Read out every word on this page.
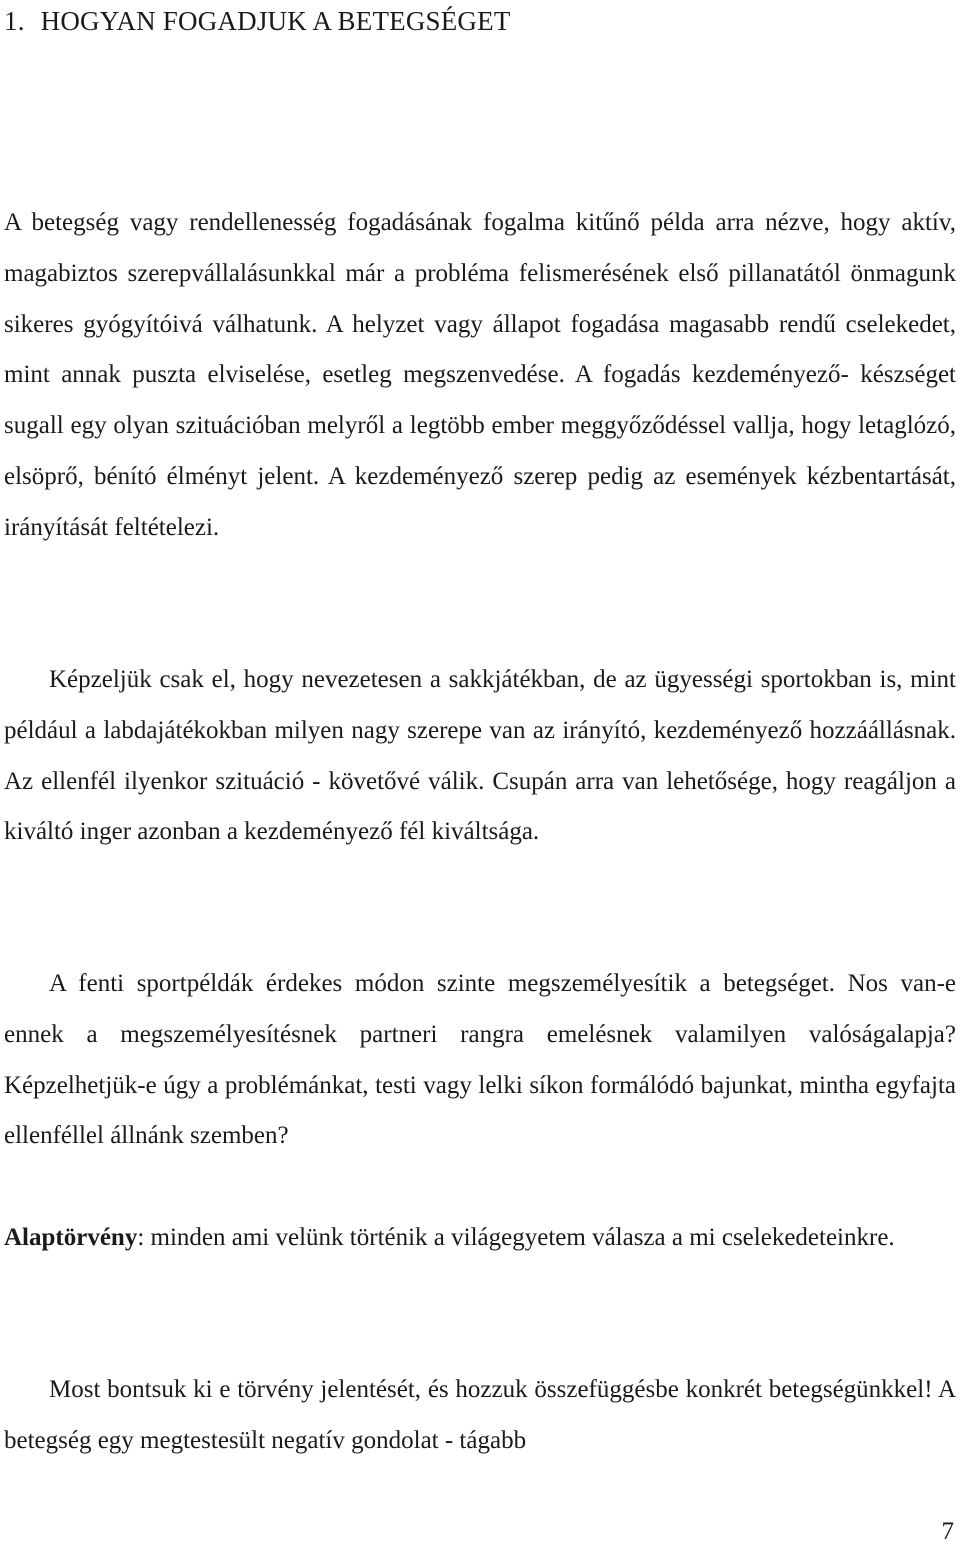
1. HOGYAN FOGADJUK A BETEGSÉGET

A betegség vagy rendellenesség fogadásának fogalma kitűnő példa arra nézve, hogy aktív, magabiztos szerepvállalásunkkal már a probléma felismerésének első pillanatától önmagunk sikeres gyógyítóivá válhatunk. A helyzet vagy állapot fogadása magasabb rendű cselekedet, mint annak puszta elviselése, esetleg megszenvedése. A fogadás kezdeményező- készséget sugall egy olyan szituációban melyről a legtöbb ember meggyőződéssel vallja, hogy letaglózó, elsöprő, bénító élményt jelent. A kezdeményező szerep pedig az események kézbentartását, irányítását feltételezi.

Képzeljük csak el, hogy nevezetesen a sakkjátékban, de az ügyességi sportokban is, mint például a labdajátékokban milyen nagy szerepe van az irányító, kezdeményező hozzáállásnak. Az ellenfél ilyenkor szituáció - követővé válik. Csupán arra van lehetősége, hogy reagáljon a kiváltó inger azonban a kezdeményező fél kiváltsága.

A fenti sportpéldák érdekes módon szinte megszemélyesítik a betegséget. Nos van-e ennek a megszemélyesítésnek partneri rangra emelésnek valamilyen valóságalapja? Képzelhetjük-e úgy a problémánkat, testi vagy lelki síkon formálódó bajunkat, mintha egyfajta ellenféllel állnánk szemben?

Alaptörvény: minden ami velünk történik a világegyetem válasza a mi cselekedeteinkre.

Most bontsuk ki e törvény jelentését, és hozzuk összefüggésbe konkrét betegségünkkel! A betegség egy megtestesült negatív gondolat - tágabb

7
